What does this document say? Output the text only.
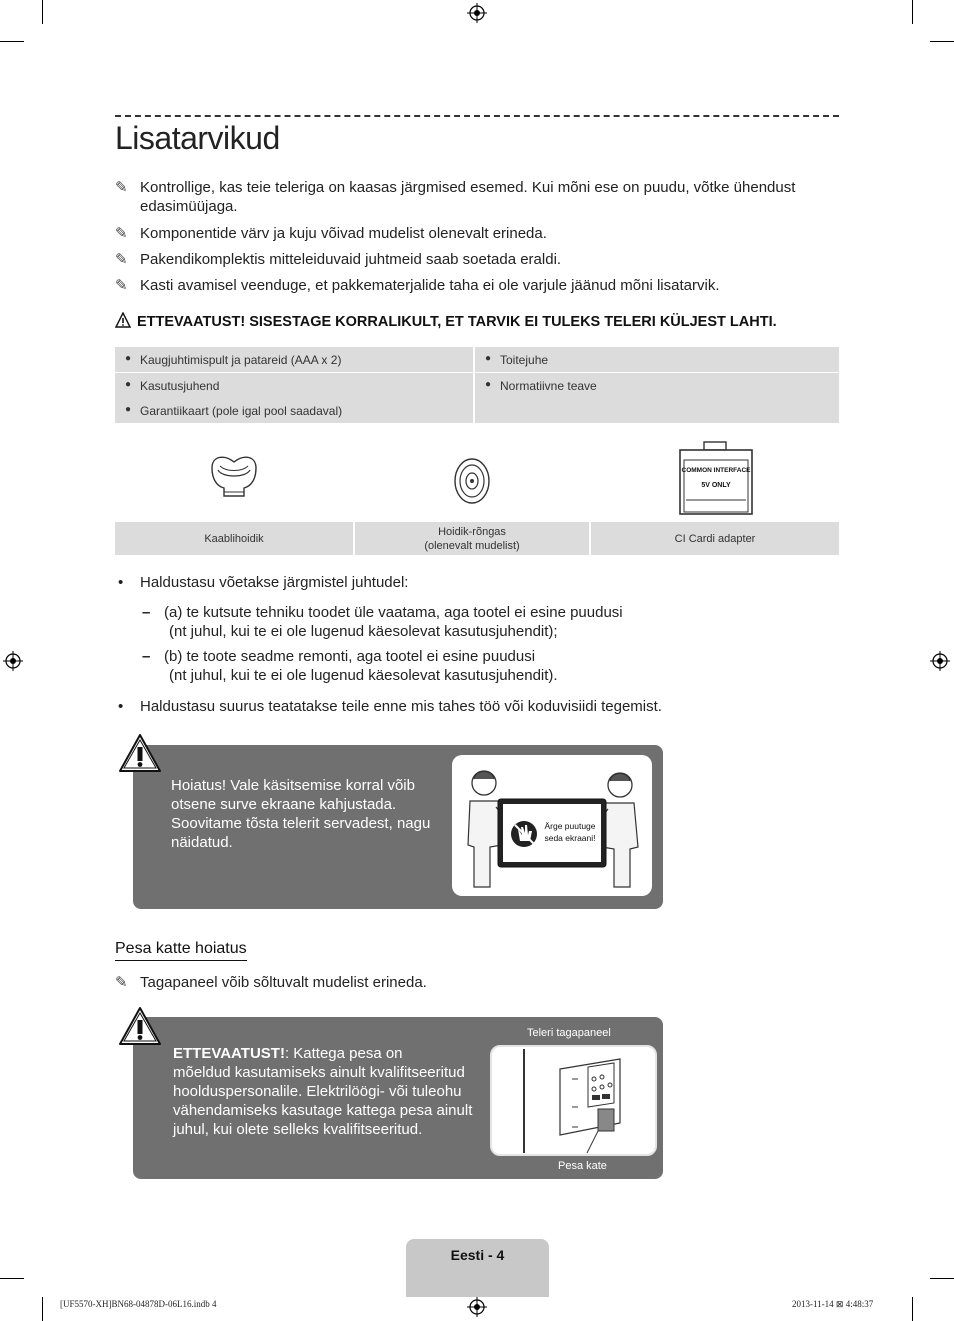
Lisatarvikud
✎ Kontrollige, kas teie teleriga on kaasas järgmised esemed. Kui mõni ese on puudu, võtke ühendust edasimüüjaga.
✎ Komponentide värv ja kuju võivad mudelist olenevalt erineda.
✎ Pakendikomplektis mitteleiduvaid juhtmeid saab soetada eraldi.
✎ Kasti avamisel veenduge, et pakkematerjalide taha ei ole varjule jäänud mõni lisatarvik.
ETTEVAATUST! SISESTAGE KORRALIKULT, ET TARVIK EI TULEKS TELERI KÜLJEST LAHTI.
● Kaugjuhtimispult ja patareid (AAA x 2)	● Toitejuhe
● Kasutusjuhend	● Normatiivne teave
● Garantiikaart (pole igal pool saadaval)
COMMON INTERFACE
5V ONLY
Kaablihoidik
Hoidik-rõngas
(olenevalt mudelist)
CI Cardi adapter
• Haldustasu võetakse järgmistel juhtudel:
– (a) te kutsute tehniku toodet üle vaatama, aga tootel ei esine puudusi
(nt juhul, kui te ei ole lugenud käesolevat kasutusjuhendit);
– (b) te toote seadme remonti, aga tootel ei esine puudusi
(nt juhul, kui te ei ole lugenud käesolevat kasutusjuhendit).
• Haldustasu suurus teatatakse teile enne mis tahes töö või koduvisiidi tegemist.
Hoiatus! Vale käsitsemise korral võib
otsene surve ekraane kahjustada.
Soovitame tõsta telerit servadest, nagu
näidatud.
Ärge puutuge
seda ekraani!
Pesa katte hoiatus
✎ Tagapaneel võib sõltuvalt mudelist erineda.
ETTEVAATUST!: Kattega pesa on
mõeldud kasutamiseks ainult kvalifitseeritud
hoolduspersonalile. Elektrilöögi- või tuleohu
vähendamiseks kasutage kattega pesa ainult
juhul, kui olete selleks kvalifitseeritud.
Teleri tagapaneel
Pesa kate
Eesti - 4
[UF5570-XH]BN68-04878D-06L16.indb 4	2013-11-14 ⊠ 4:48:37
